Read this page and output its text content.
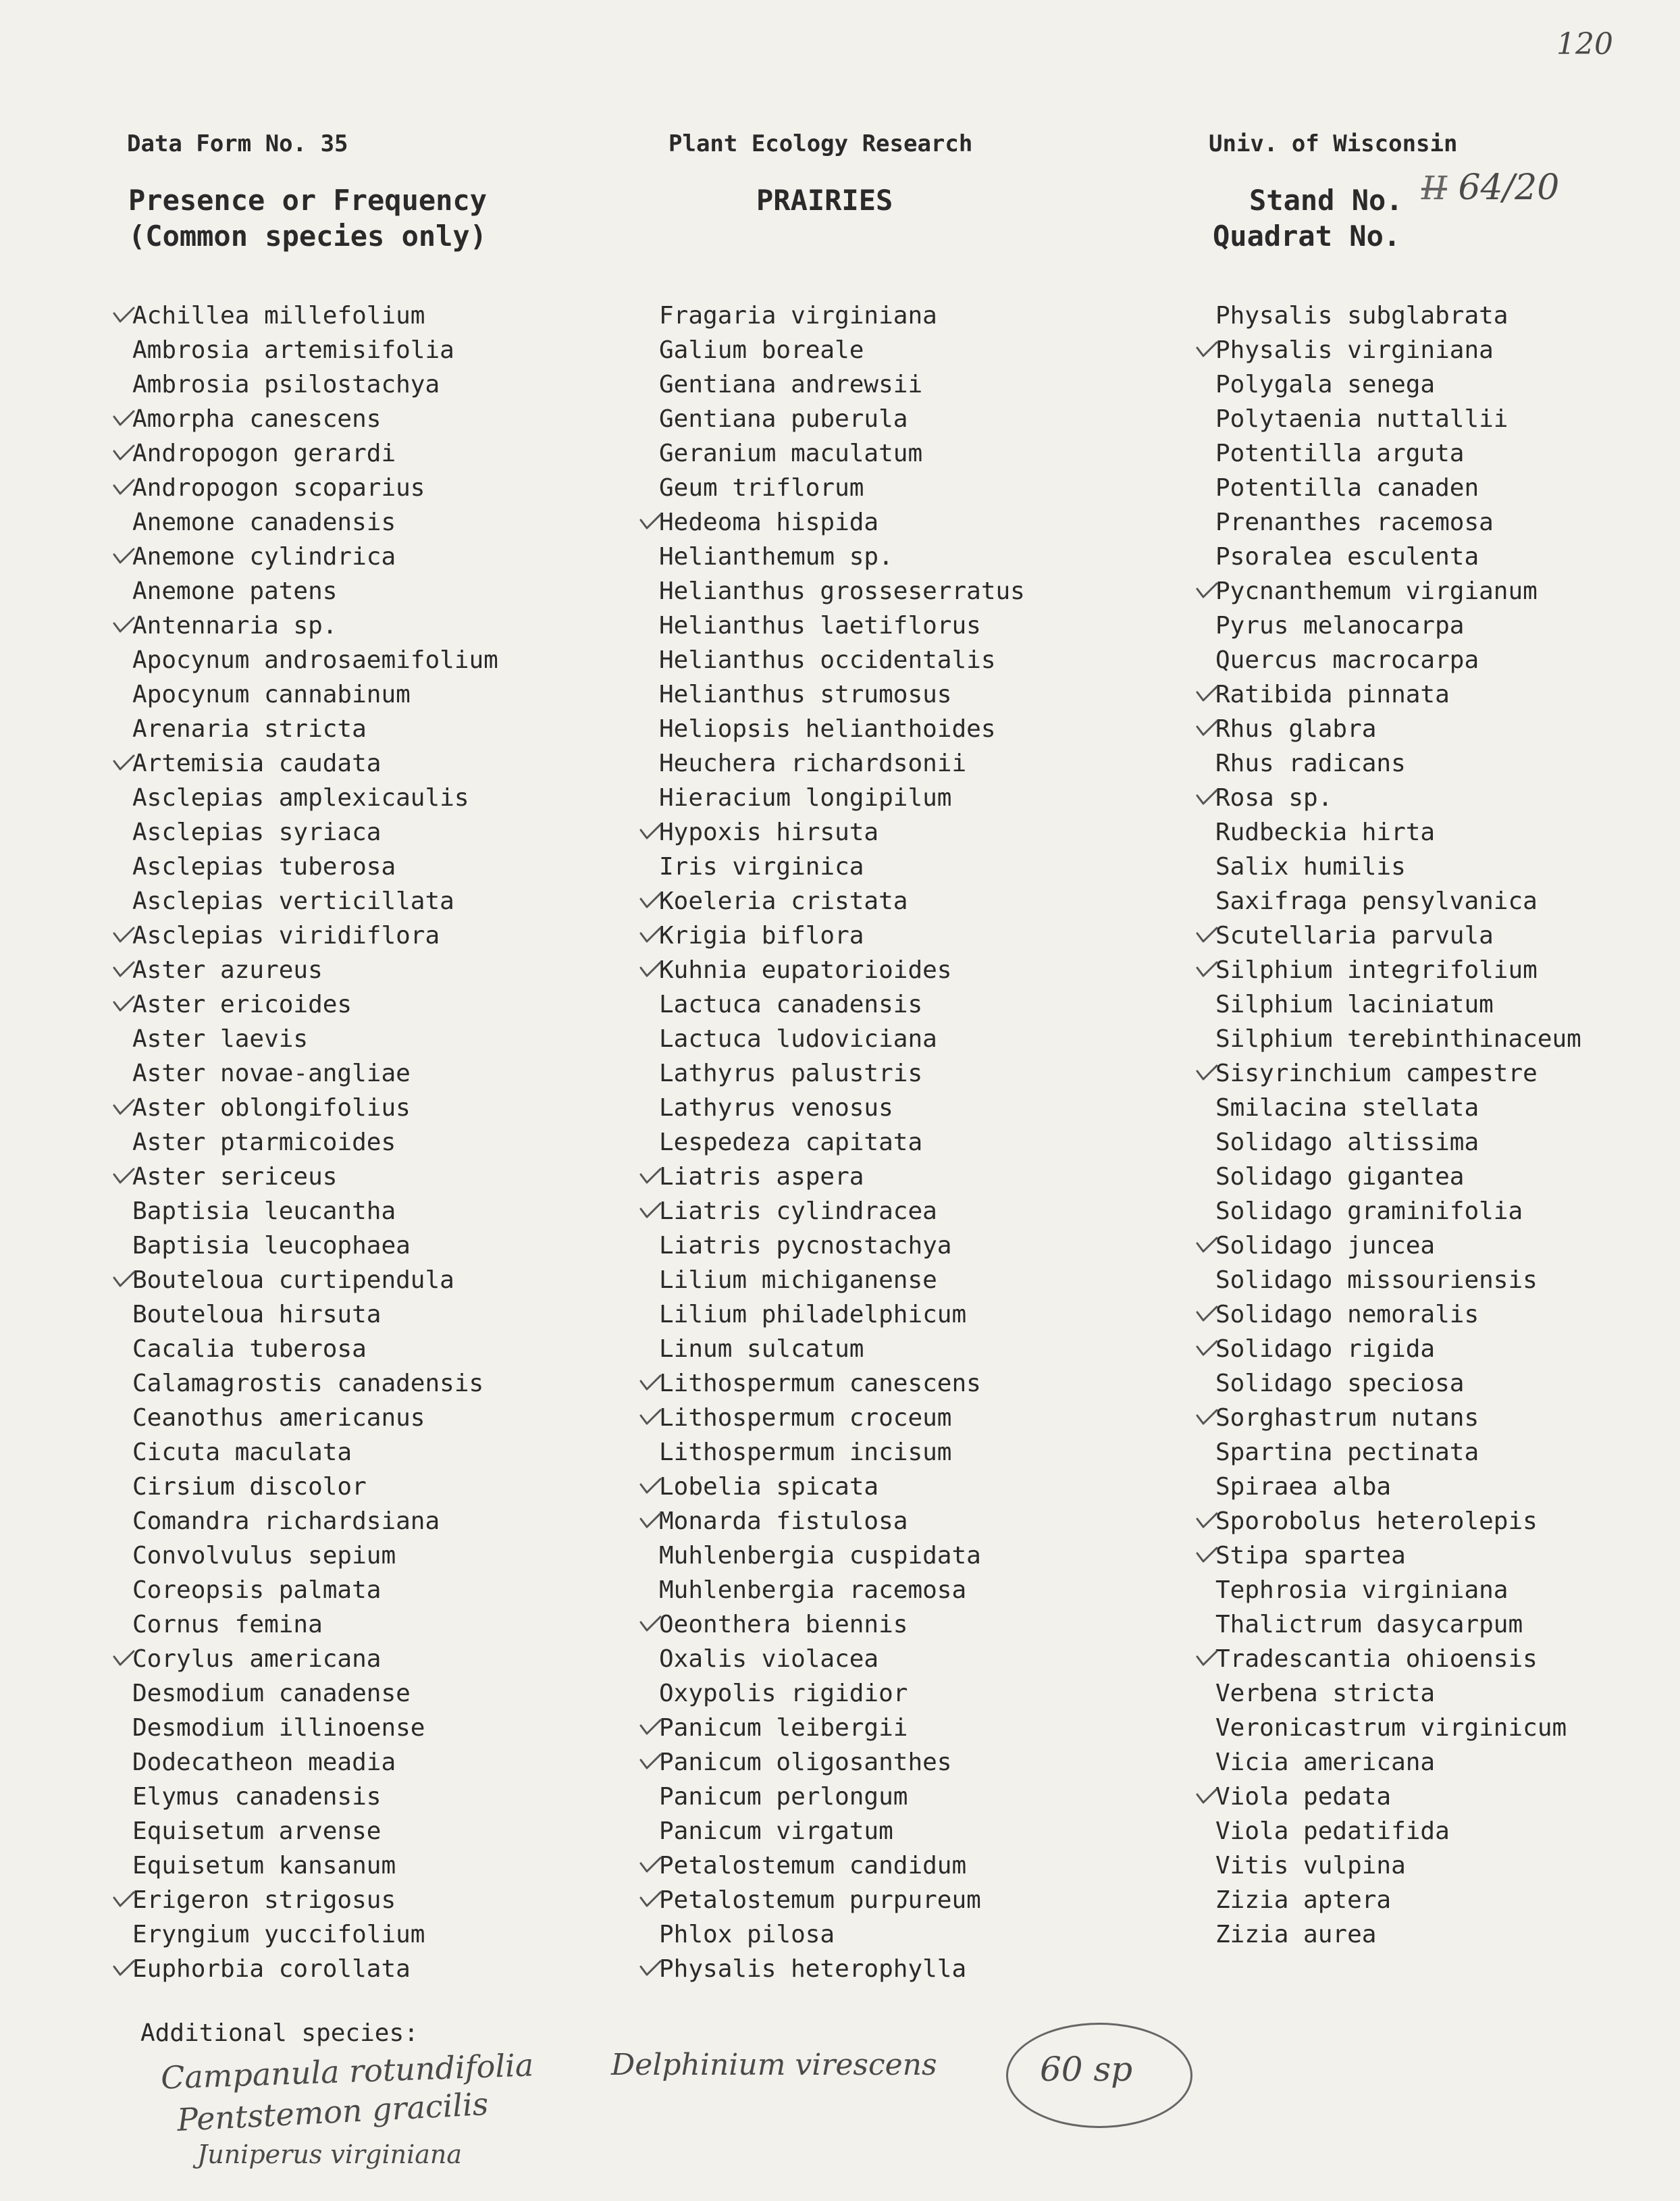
120
Data Form No. 35	Plant Ecology Research	Univ. of Wisconsin
Presence or Frequency
(Common species only)
PRAIRIES	Stand No. II 64/20
Quadrat No.
Achillea millefolium
Ambrosia artemisifolia
Ambrosia psilostachya
Amorpha canescens
Andropogon gerardi
Andropogon scoparius
Anemone canadensis
Anemone cylindrica
Anemone patens
Antennaria sp.
Apocynum androsaemifolium
Apocynum cannabinum
Arenaria stricta
Artemisia caudata
Asclepias amplexicaulis
Asclepias syriaca
Asclepias tuberosa
Asclepias verticillata
Asclepias viridiflora
Aster azureus
Aster ericoides
Aster laevis
Aster novae-angliae
Aster oblongifolius
Aster ptarmicoides
Aster sericeus
Baptisia leucantha
Baptisia leucophaea
Bouteloua curtipendula
Bouteloua hirsuta
Cacalia tuberosa
Calamagrostis canadensis
Ceanothus americanus
Cicuta maculata
Cirsium discolor
Comandra richardsiana
Convolvulus sepium
Coreopsis palmata
Cornus femina
Corylus americana
Desmodium canadense
Desmodium illinoense
Dodecatheon meadia
Elymus canadensis
Equisetum arvense
Equisetum kansanum
Erigeron strigosus
Eryngium yuccifolium
Euphorbia corollata
Fragaria virginiana
Galium boreale
Gentiana andrewsii
Gentiana puberula
Geranium maculatum
Geum triflorum
Hedeoma hispida
Helianthemum sp.
Helianthus grosseserratus
Helianthus laetiflorus
Helianthus occidentalis
Helianthus strumosus
Heliopsis helianthoides
Heuchera richardsonii
Hieracium longipilum
Hypoxis hirsuta
Iris virginica
Koeleria cristata
Krigia biflora
Kuhnia eupatorioides
Lactuca canadensis
Lactuca ludoviciana
Lathyrus palustris
Lathyrus venosus
Lespedeza capitata
Liatris aspera
Liatris cylindracea
Liatris pycnostachya
Lilium michiganense
Lilium philadelphicum
Linum sulcatum
Lithospermum canescens
Lithospermum croceum
Lithospermum incisum
Lobelia spicata
Monarda fistulosa
Muhlenbergia cuspidata
Muhlenbergia racemosa
Oeonthera biennis
Oxalis violacea
Oxypolis rigidior
Panicum leibergii
Panicum oligosanthes
Panicum perlongum
Panicum virgatum
Petalostemum candidum
Petalostemum purpureum
Phlox pilosa
Physalis heterophylla
Physalis subglabrata
Physalis virginiana
Polygala senega
Polytaenia nuttallii
Potentilla arguta
Potentilla canaden
Prenanthes racemosa
Psoralea esculenta
Pycnanthemum virgianum
Pyrus melanocarpa
Quercus macrocarpa
Ratibida pinnata
Rhus glabra
Rhus radicans
Rosa sp.
Rudbeckia hirta
Salix humilis
Saxifraga pensylvanica
Scutellaria parvula
Silphium integrifolium
Silphium laciniatum
Silphium terebinthinaceum
Sisyrinchium campestre
Smilacina stellata
Solidago altissima
Solidago gigantea
Solidago graminifolia
Solidago juncea
Solidago missouriensis
Solidago nemoralis
Solidago rigida
Solidago speciosa
Sorghastrum nutans
Spartina pectinata
Spiraea alba
Sporobolus heterolepis
Stipa spartea
Tephrosia virginiana
Thalictrum dasycarpum
Tradescantia ohioensis
Verbena stricta
Veronicastrum virginicum
Vicia americana
Viola pedata
Viola pedatifida
Vitis vulpina
Zizia aptera
Zizia aurea
Additional species:
Campanula rotundifolia
Pentstemon gracilis
Juniperus virginiana
Delphinium virescens	60 sp
